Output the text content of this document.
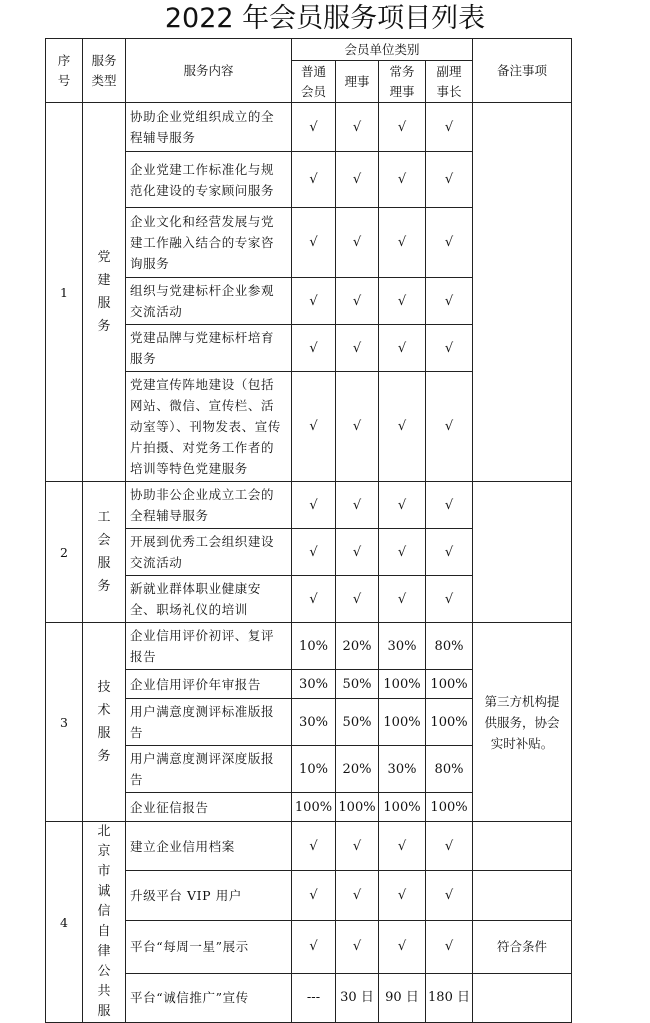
2022 年会员服务项目列表
序号	服务类型	服务内容	会员单位类别				备注事项
			普通会员	理事	常务理事	副理事长	
1	党建服务	协助企业党组织成立的全程辅导服务	√	√	√	√	
		企业党建工作标准化与规范化建设的专家顾问服务	√	√	√	√	
		企业文化和经营发展与党建工作融入结合的专家咨询服务	√	√	√	√	
		组织与党建标杆企业参观交流活动	√	√	√	√	
		党建品牌与党建标杆培育服务	√	√	√	√	
		党建宣传阵地建设（包括网站、微信、宣传栏、活动室等）、刊物发表、宣传片拍摄、对党务工作者的培训等特色党建服务	√	√	√	√	
2	工会服务	协助非公企业成立工会的全程辅导服务	√	√	√	√	
		开展到优秀工会组织建设交流活动	√	√	√	√	
		新就业群体职业健康安全、职场礼仪的培训	√	√	√	√	
3	技术服务	企业信用评价初评、复评报告	10%	20%	30%	80%	第三方机构提供服务，协会实时补贴。
		企业信用评价年审报告	30%	50%	100%	100%	
		用户满意度测评标准版报告	30%	50%	100%	100%	
		用户满意度测评深度版报告	10%	20%	30%	80%	
		企业征信报告	100%	100%	100%	100%	
4	北京市诚信自律公共服	建立企业信用档案	√	√	√	√	
		升级平台 VIP 用户	√	√	√	√	
		平台“每周一星”展示	√	√	√	√	符合条件
		平台“诚信推广”宣传	---	30 日	90 日	180 日	
